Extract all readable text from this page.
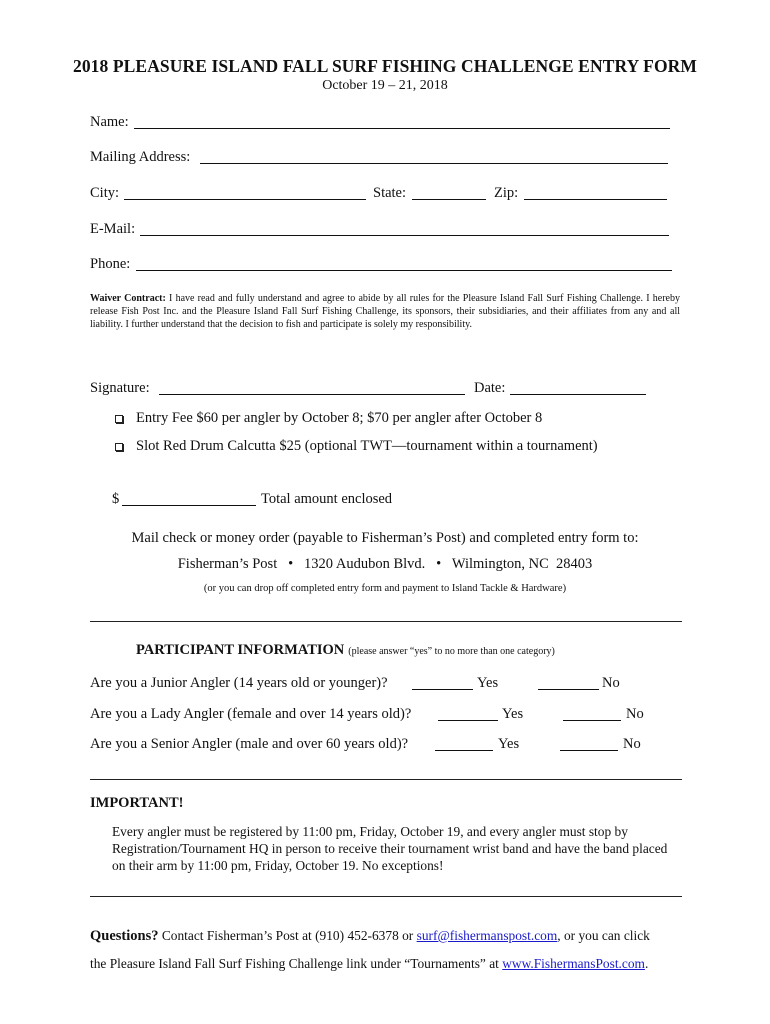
2018 PLEASURE ISLAND FALL SURF FISHING CHALLENGE ENTRY FORM
October 19 – 21, 2018
Name:
Mailing Address:
City:	State:	Zip:
E-Mail:
Phone:
Waiver Contract: I have read and fully understand and agree to abide by all rules for the Pleasure Island Fall Surf Fishing Challenge. I hereby release Fish Post Inc. and the Pleasure Island Fall Surf Fishing Challenge, its sponsors, their subsidiaries, and their affiliates from any and all liability. I further understand that the decision to fish and participate is solely my responsibility.
Signature:	Date:
Entry Fee $60 per angler by October 8; $70 per angler after October 8
Slot Red Drum Calcutta $25 (optional TWT—tournament within a tournament)
$	Total amount enclosed
Mail check or money order (payable to Fisherman’s Post) and completed entry form to:
Fisherman’s Post   •   1320 Audubon Blvd.   •   Wilmington, NC  28403
(or you can drop off completed entry form and payment to Island Tackle & Hardware)
PARTICIPANT INFORMATION (please answer “yes” to no more than one category)
Are you a Junior Angler (14 years old or younger)?	Yes	No
Are you a Lady Angler (female and over 14 years old)?	Yes	No
Are you a Senior Angler (male and over 60 years old)?	Yes	No
IMPORTANT!
Every angler must be registered by 11:00 pm, Friday, October 19, and every angler must stop by Registration/Tournament HQ in person to receive their tournament wrist band and have the band placed on their arm by 11:00 pm, Friday, October 19. No exceptions!
Questions? Contact Fisherman’s Post at (910) 452-6378 or surf@fishermanspost.com, or you can click
the Pleasure Island Fall Surf Fishing Challenge link under “Tournaments” at www.FishermansPost.com.
